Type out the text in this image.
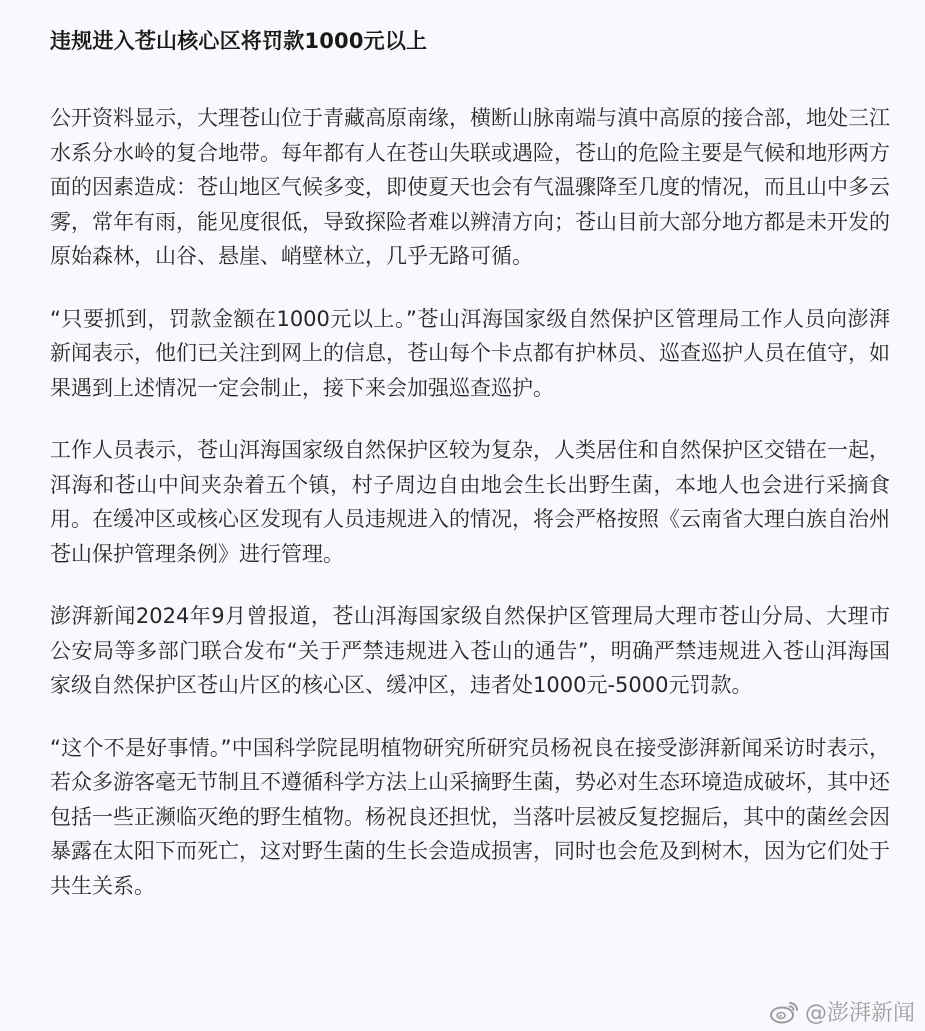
违规进入苍山核心区将罚款1000元以上

公开资料显示，大理苍山位于青藏高原南缘，横断山脉南端与滇中高原的接合部，地处三江水系分水岭的复合地带。每年都有人在苍山失联或遇险，苍山的危险主要是气候和地形两方面的因素造成：苍山地区气候多变，即使夏天也会有气温骤降至几度的情况，而且山中多云雾，常年有雨，能见度很低，导致探险者难以辨清方向；苍山目前大部分地方都是未开发的原始森林，山谷、悬崖、峭壁林立，几乎无路可循。

“只要抓到，罚款金额在1000元以上。”苍山洱海国家级自然保护区管理局工作人员向澎湃新闻表示，他们已关注到网上的信息，苍山每个卡点都有护林员、巡查巡护人员在值守，如果遇到上述情况一定会制止，接下来会加强巡查巡护。

工作人员表示，苍山洱海国家级自然保护区较为复杂，人类居住和自然保护区交错在一起，洱海和苍山中间夹杂着五个镇，村子周边自由地会生长出野生菌，本地人也会进行采摘食用。在缓冲区或核心区发现有人员违规进入的情况，将会严格按照《云南省大理白族自治州苍山保护管理条例》进行管理。

澎湃新闻2024年9月曾报道，苍山洱海国家级自然保护区管理局大理市苍山分局、大理市公安局等多部门联合发布“关于严禁违规进入苍山的通告”，明确严禁违规进入苍山洱海国家级自然保护区苍山片区的核心区、缓冲区，违者处1000元-5000元罚款。

“这个不是好事情。”中国科学院昆明植物研究所研究员杨祝良在接受澎湃新闻采访时表示，若众多游客毫无节制且不遵循科学方法上山采摘野生菌，势必对生态环境造成破坏，其中还包括一些正濒临灭绝的野生植物。杨祝良还担忧，当落叶层被反复挖掘后，其中的菌丝会因暴露在太阳下而死亡，这对野生菌的生长会造成损害，同时也会危及到树木，因为它们处于共生关系。

@澎湃新闻
